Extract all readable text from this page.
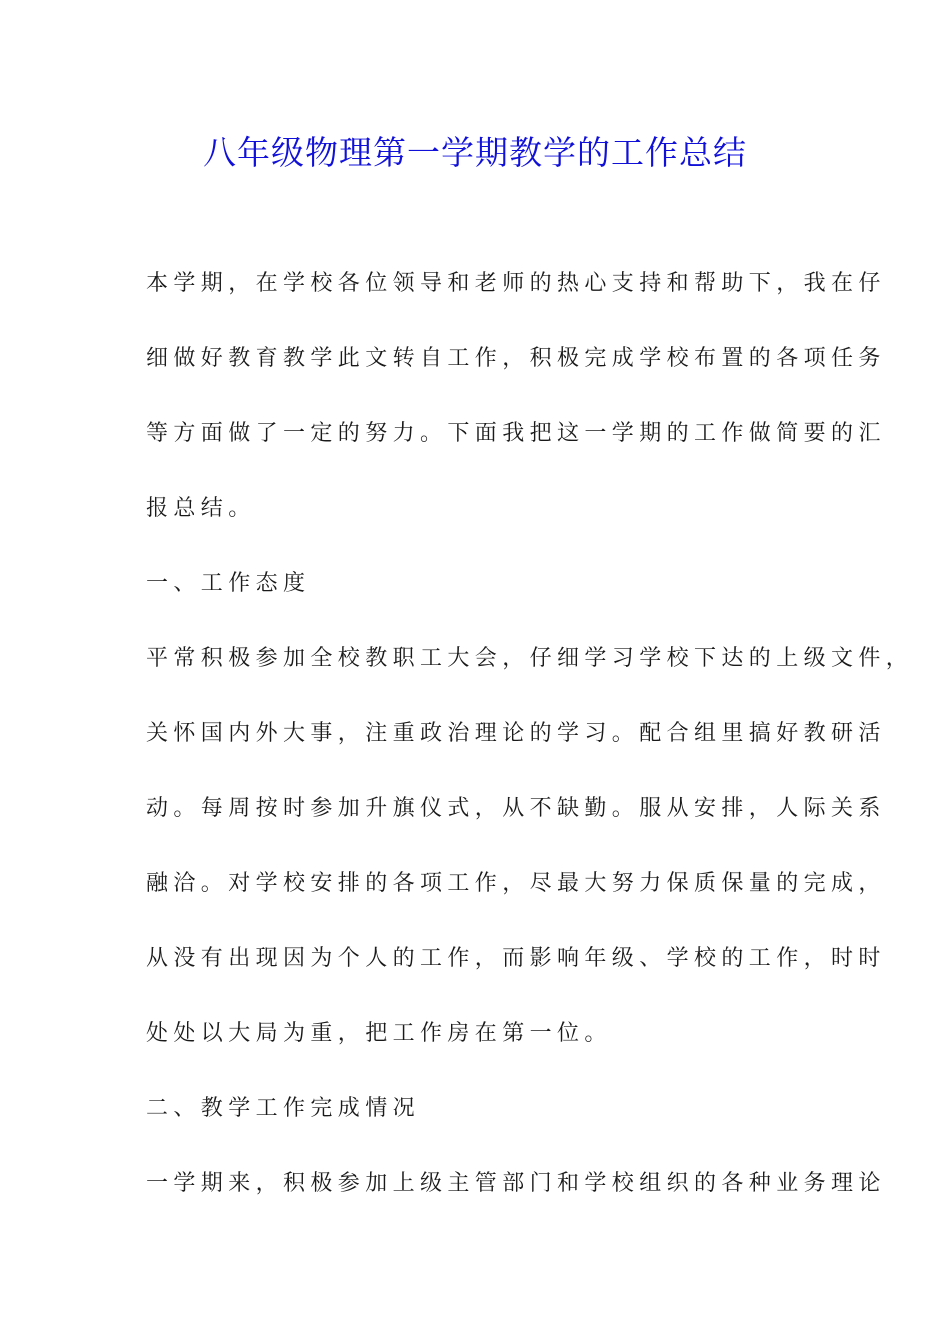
八年级物理第一学期教学的工作总结

本学期，在学校各位领导和老师的热心支持和帮助下，我在仔

细做好教育教学此文转自工作，积极完成学校布置的各项任务

等方面做了一定的努力。下面我把这一学期的工作做简要的汇

报总结。

一、工作态度

平常积极参加全校教职工大会，仔细学习学校下达的上级文件，

关怀国内外大事，注重政治理论的学习。配合组里搞好教研活

动。每周按时参加升旗仪式，从不缺勤。服从安排，人际关系

融洽。对学校安排的各项工作，尽最大努力保质保量的完成，

从没有出现因为个人的工作，而影响年级、学校的工作，时时

处处以大局为重，把工作房在第一位。

二、教学工作完成情况

一学期来，积极参加上级主管部门和学校组织的各种业务理论
